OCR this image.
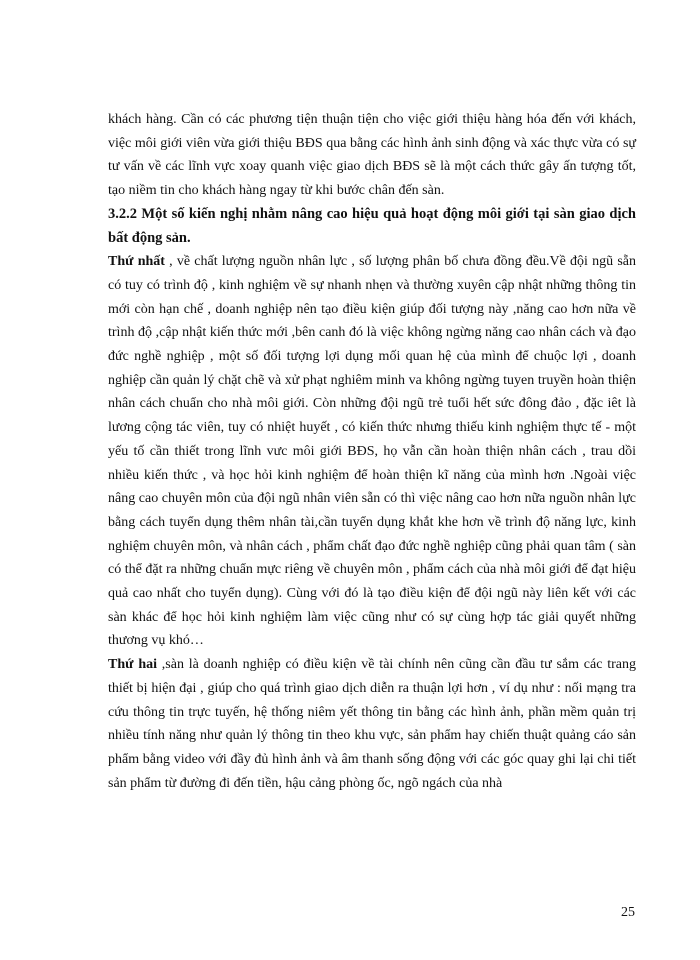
khách hàng. Cần có các phương tiện thuận tiện cho việc giới thiệu hàng hóa đến với khách, việc môi giới viên vừa giới thiệu BĐS qua bằng các hình ảnh sinh động và xác thực vừa có sự tư vấn về các lĩnh vực xoay quanh việc giao dịch BĐS sẽ là một cách thức gây ấn tượng tốt, tạo niềm tin cho khách hàng ngay từ khi bước chân đến sàn.

3.2.2 Một số kiến nghị nhằm nâng cao hiệu quả hoạt động môi giới tại sàn giao dịch bất động sản.

Thứ nhất , về chất lượng nguồn nhân lực , số lượng phân bố chưa đồng đều.Về đội ngũ sẵn có tuy có trình độ , kinh nghiệm về sự nhanh nhẹn và thường xuyên cập nhật những thông tin mới còn hạn chế , doanh nghiệp nên tạo điều kiện giúp đối tượng này ,năng cao hơn nữa về trình độ ,cập nhật kiến thức mới ,bên canh đó là việc không ngừng năng cao nhân cách và đạo đức nghề nghiệp , một số đối tượng lợi dụng mối quan hệ của mình để chuộc lợi , doanh nghiệp cần quản lý chặt chẽ và xử phạt nghiêm minh va không ngừng tuyen truyền hoàn thiện nhân cách chuẩn cho nhà môi giới. Còn những đội ngũ trẻ tuổi hết sức đông đảo , đặc iêt là lương cộng tác viên, tuy có nhiệt huyết , có kiến thức nhưng thiếu kinh nghiệm thực tế - một yếu tố cần thiết trong lĩnh vưc môi giới BĐS, họ vẫn cần hoàn thiện nhân cách , trau dồi nhiều kiến thức , và học hỏi kinh nghiệm để hoàn thiện kĩ năng của mình hơn .Ngoài việc nâng cao chuyên môn của đội ngũ nhân viên sẵn có thì việc nâng cao hơn nữa nguồn nhân lực bằng cách tuyển dụng thêm nhân tài,cần tuyển dụng khắt khe hơn về trình độ năng lực, kinh nghiệm chuyên môn, và nhân cách , phẩm chất đạo đức nghề nghiệp cũng phải quan tâm ( sàn có thể đặt ra những chuẩn mực riêng về chuyên môn , phẩm cách của nhà môi giới để đạt hiệu quả cao nhất cho tuyển dụng). Cùng với đó là tạo điều kiện để đội ngũ này liên kết với các sàn khác để học hỏi kinh nghiệm làm việc cũng như có sự cùng hợp tác giải quyết những thương vụ khó…

Thứ hai ,sàn là doanh nghiệp có điều kiện về tài chính nên cũng cần đầu tư sắm các trang thiết bị hiện đại , giúp cho quá trình giao dịch diễn ra thuận lợi hơn , ví dụ như : nối mạng tra cứu thông tin trực tuyến, hệ thống niêm yết thông tin bằng các hình ảnh, phần mềm quản trị nhiều tính năng như quản lý thông tin theo khu vực, sản phẩm hay chiến thuật quảng cáo sản phẩm bằng video với đầy đủ hình ảnh và âm thanh sống động với các góc quay ghi lại chi tiết sản phẩm từ đường đi đến tiền, hậu cảng phòng ốc, ngõ ngách của nhà

25
